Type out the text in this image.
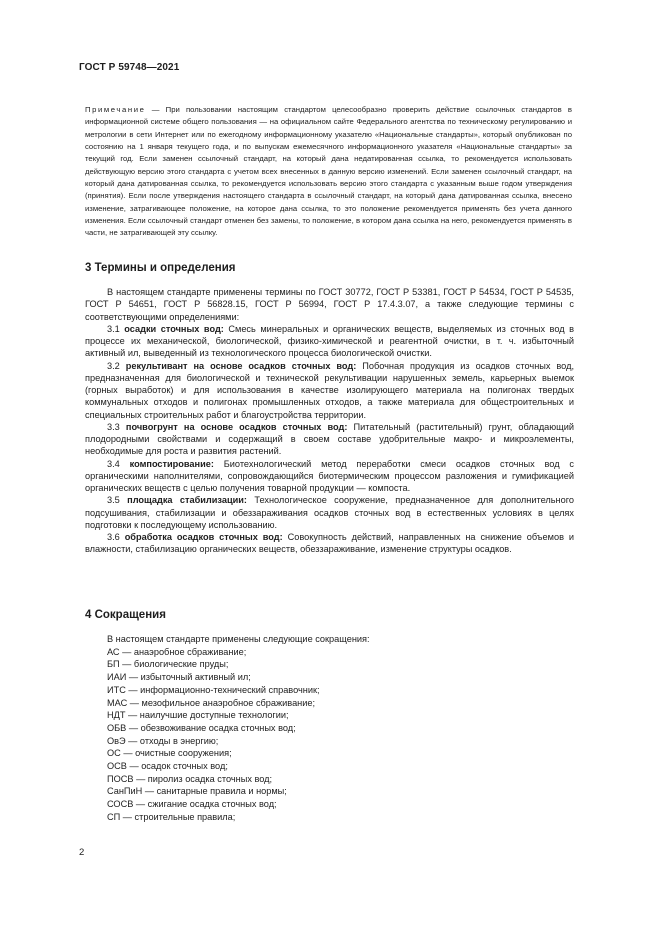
ГОСТ Р 59748—2021
Примечание — При пользовании настоящим стандартом целесообразно проверить действие ссылочных стандартов в информационной системе общего пользования — на официальном сайте Федерального агентства по техническому регулированию и метрологии в сети Интернет или по ежегодному информационному указателю «Национальные стандарты», который опубликован по состоянию на 1 января текущего года, и по выпускам ежемесячного информационного указателя «Национальные стандарты» за текущий год. Если заменен ссылочный стандарт, на который дана недатированная ссылка, то рекомендуется использовать действующую версию этого стандарта с учетом всех внесенных в данную версию изменений. Если заменен ссылочный стандарт, на который дана датированная ссылка, то рекомендуется использовать версию этого стандарта с указанным выше годом утверждения (принятия). Если после утверждения настоящего стандарта в ссылочный стандарт, на который дана датированная ссылка, внесено изменение, затрагивающее положение, на которое дана ссылка, то это положение рекомендуется применять без учета данного изменения. Если ссылочный стандарт отменен без замены, то положение, в котором дана ссылка на него, рекомендуется применять в части, не затрагивающей эту ссылку.
3 Термины и определения

В настоящем стандарте применены термины по ГОСТ 30772, ГОСТ Р 53381, ГОСТ Р 54534, ГОСТ Р 54535, ГОСТ Р 54651, ГОСТ Р 56828.15, ГОСТ Р 56994, ГОСТ Р 17.4.3.07, а также следующие термины с соответствующими определениями:

3.1 осадки сточных вод: Смесь минеральных и органических веществ, выделяемых из сточных вод в процессе их механической, биологической, физико-химической и реагентной очистки, в т. ч. избыточный активный ил, выведенный из технологического процесса биологической очистки.

3.2 рекультивант на основе осадков сточных вод: Побочная продукция из осадков сточных вод, предназначенная для биологической и технической рекультивации нарушенных земель, карьерных выемок (горных выработок) и для использования в качестве изолирующего материала на полигонах твердых коммунальных отходов и полигонах промышленных отходов, а также материала для общестроительных и специальных строительных работ и благоустройства территории.

3.3 почвогрунт на основе осадков сточных вод: Питательный (растительный) грунт, обладающий плодородными свойствами и содержащий в своем составе удобрительные макро- и микроэлементы, необходимые для роста и развития растений.

3.4 компостирование: Биотехнологический метод переработки смеси осадков сточных вод с органическими наполнителями, сопровождающийся биотермическим процессом разложения и гумификацией органических веществ с целью получения товарной продукции — компоста.

3.5 площадка стабилизации: Технологическое сооружение, предназначенное для дополнительного подсушивания, стабилизации и обеззараживания осадков сточных вод в естественных условиях в целях подготовки к последующему использованию.

3.6 обработка осадков сточных вод: Совокупность действий, направленных на снижение объемов и влажности, стабилизацию органических веществ, обеззараживание, изменение структуры осадков.

4 Сокращения
В настоящем стандарте применены следующие сокращения:
АС — анаэробное сбраживание;
БП — биологические пруды;
ИАИ — избыточный активный ил;
ИТС — информационно-технический справочник;
МАС — мезофильное анаэробное сбраживание;
НДТ — наилучшие доступные технологии;
ОБВ — обезвоживание осадка сточных вод;
ОвЭ — отходы в энергию;
ОС — очистные сооружения;
ОСВ — осадок сточных вод;
ПОСВ — пиролиз осадка сточных вод;
СанПиН — санитарные правила и нормы;
СОСВ — сжигание осадка сточных вод;
СП — строительные правила;
2
